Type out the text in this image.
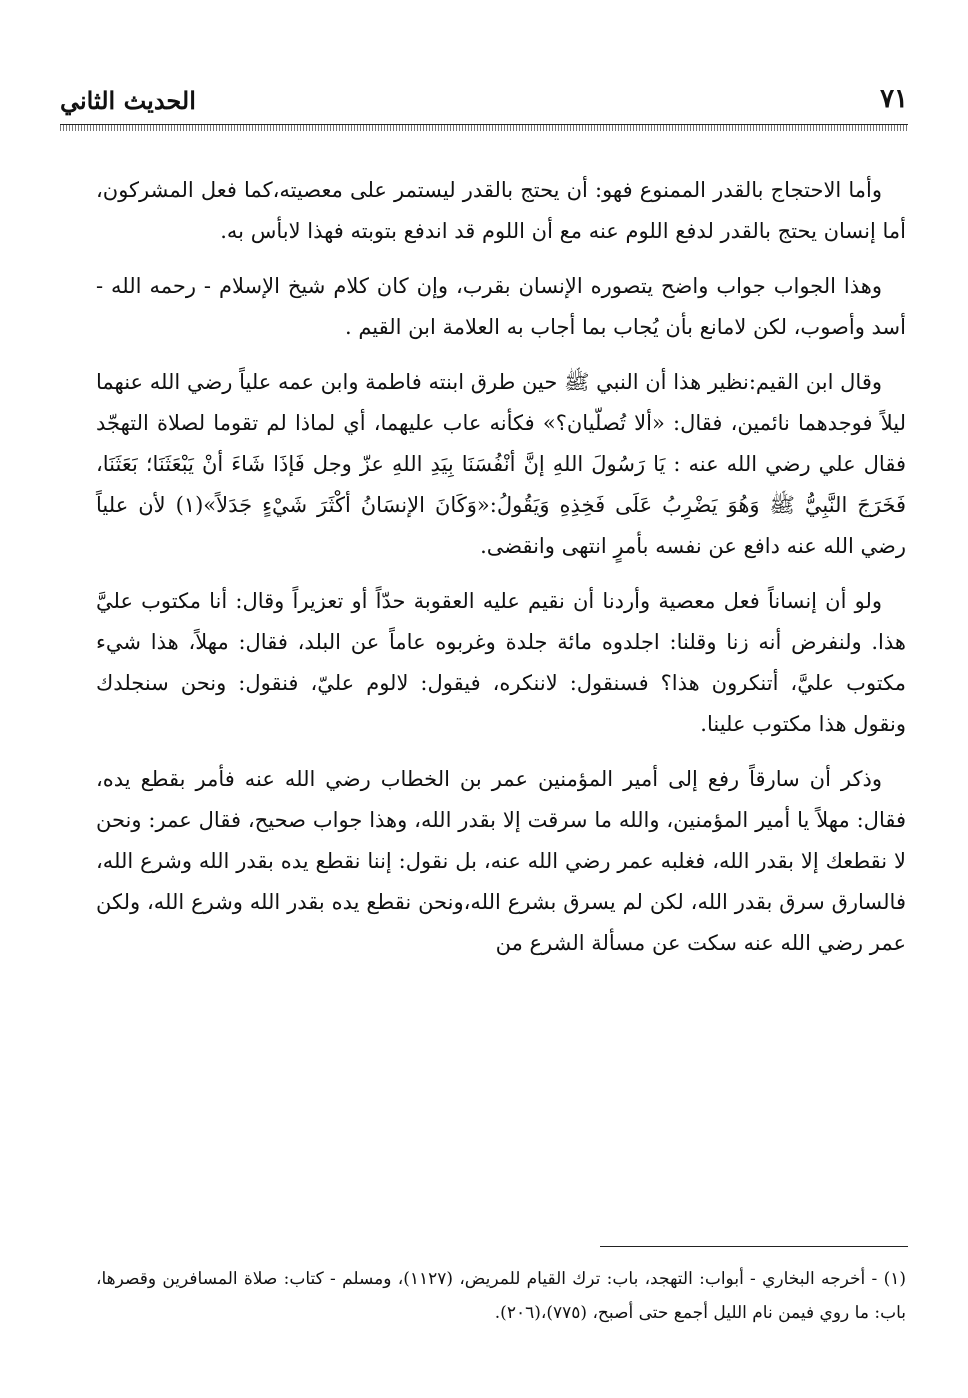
٧١
الحديث الثاني

وأما الاحتجاج بالقدر الممنوع فهو: أن يحتج بالقدر ليستمر على معصيته،كما فعل المشركون، أما إنسان يحتج بالقدر لدفع اللوم عنه مع أن اللوم قد اندفع بتوبته فهذا لابأس به.

وهذا الجواب جواب واضح يتصوره الإنسان بقرب، وإن كان كلام شيخ الإسلام - رحمه الله - أسد وأصوب، لكن لامانع بأن يُجاب بما أجاب به العلامة ابن القيم .

وقال ابن القيم:نظير هذا أن النبي ﷺ حين طرق ابنته فاطمة وابن عمه علياً رضي الله عنهما ليلاً فوجدهما نائمين، فقال: «ألا تُصلّيان؟» فكأنه عاب عليهما، أي لماذا لم تقوما لصلاة التهجّد فقال علي رضي الله عنه : يَا رَسُولَ اللهِ إنَّ أنْفُسَنَا بِيَدِ اللهِ عزّ وجل فَإذَا شَاءَ أنْ يَبْعَثَنَا؛ بَعَثَنَا، فَخَرَجَ النَّبِيُّ ﷺ وَهُوَ يَضْرِبُ عَلَى فَخِذِهِ وَيَقُولُ:«وَكَانَ الإنسَانُ أكْثَرَ شَيْءٍ جَدَلاً»(١) لأن علياً رضي الله عنه دافع عن نفسه بأمرٍ انتهى وانقضى.

ولو أن إنساناً فعل معصية وأردنا أن نقيم عليه العقوبة حدّاً أو تعزيراً وقال: أنا مكتوب عليَّ هذا. ولنفرض أنه زنا وقلنا: اجلدوه مائة جلدة وغربوه عاماً عن البلد، فقال: مهلاً، هذا شيء مكتوب عليَّ، أتنكرون هذا؟ فسنقول: لاننكره، فيقول: لالوم عليّ، فنقول: ونحن سنجلدك ونقول هذا مكتوب علينا.

وذكر أن سارقاً رفع إلى أمير المؤمنين عمر بن الخطاب رضي الله عنه فأمر بقطع يده، فقال: مهلاً يا أمير المؤمنين، والله ما سرقت إلا بقدر الله، وهذا جواب صحيح، فقال عمر: ونحن لا نقطعك إلا بقدر الله، فغلبه عمر رضي الله عنه، بل نقول: إننا نقطع يده بقدر الله وشرع الله، فالسارق سرق بقدر الله، لكن لم يسرق بشرع الله،ونحن نقطع يده بقدر الله وشرع الله، ولكن عمر رضي الله عنه سكت عن مسألة الشرع من

(١) - أخرجه البخاري - أبواب: التهجد، باب: ترك القيام للمريض، (١١٢٧)، ومسلم - كتاب: صلاة المسافرين وقصرها، باب: ما روي فيمن نام الليل أجمع حتى أصبح، (٧٧٥)،(٢٠٦).
